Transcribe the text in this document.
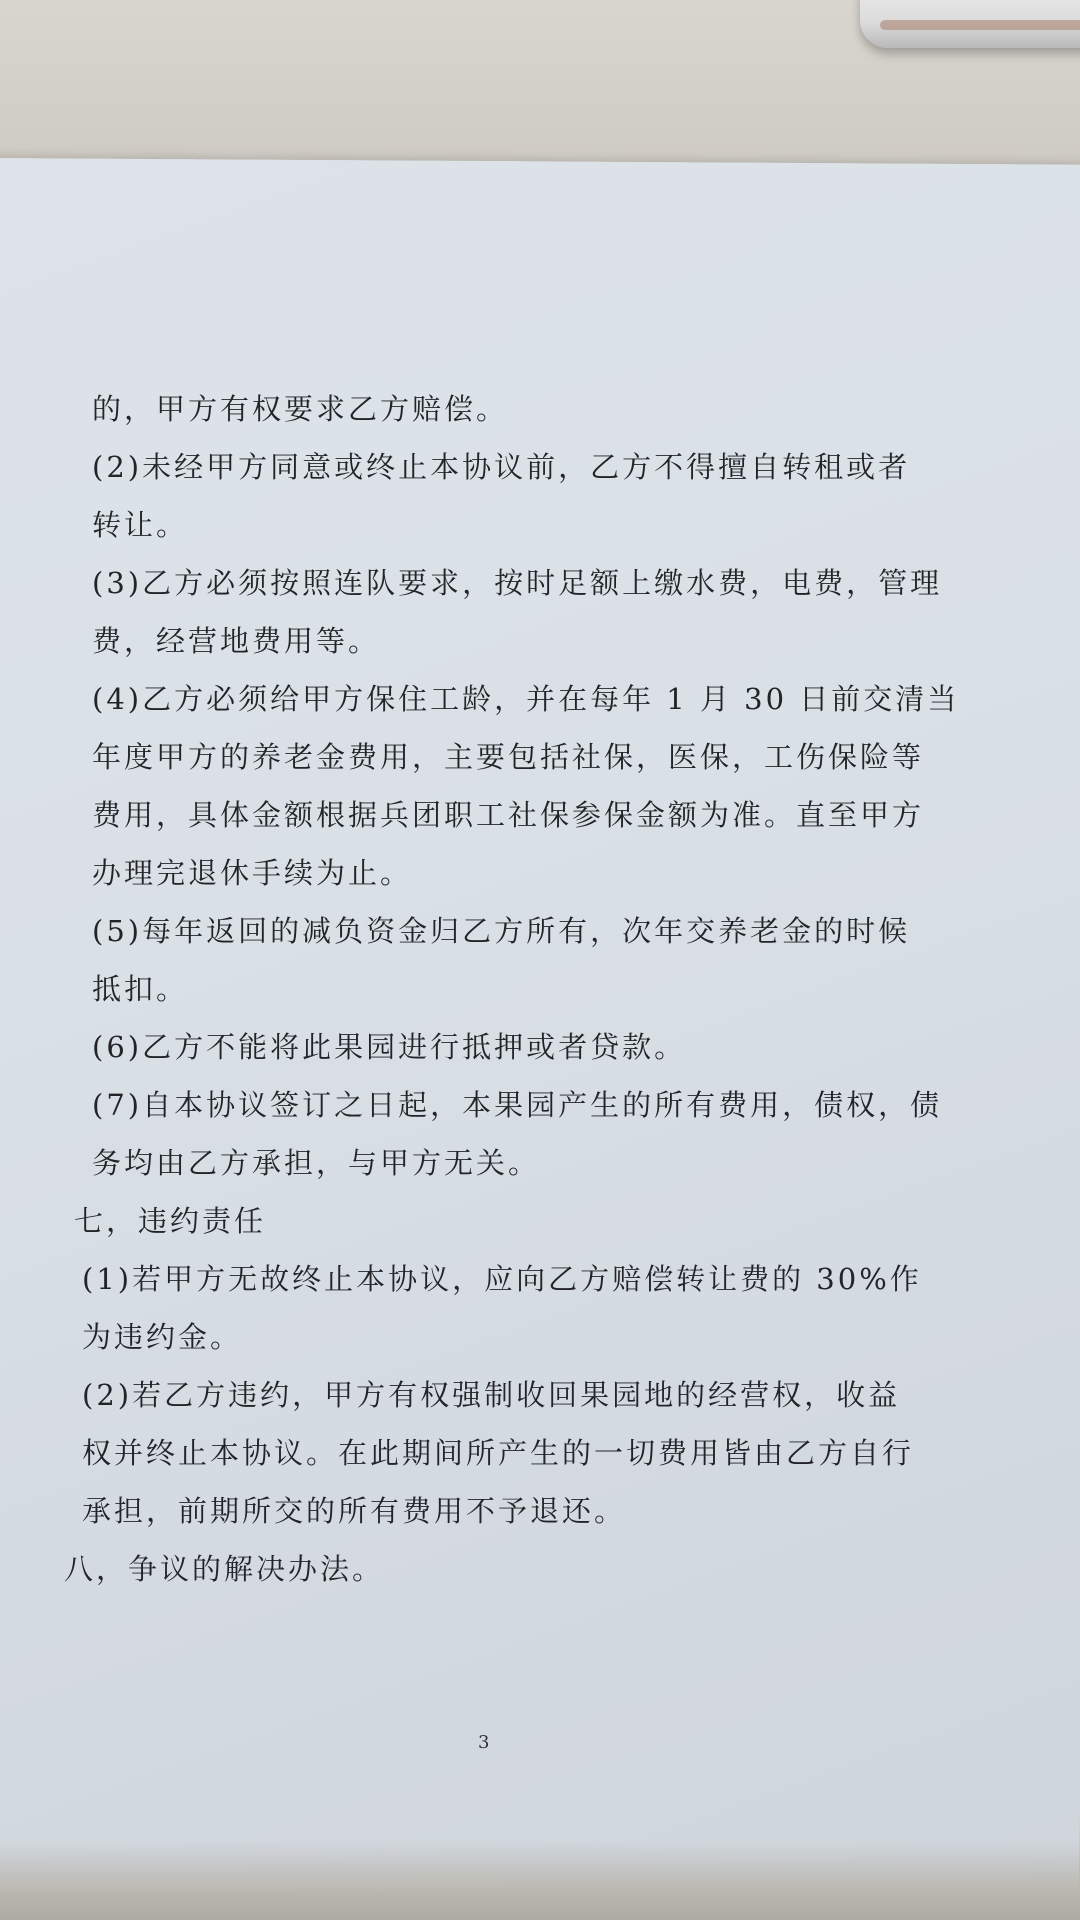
的，甲方有权要求乙方赔偿。
(2)未经甲方同意或终止本协议前，乙方不得擅自转租或者
转让。
(3)乙方必须按照连队要求，按时足额上缴水费，电费，管理
费，经营地费用等。
(4)乙方必须给甲方保住工龄，并在每年 1 月 30 日前交清当
年度甲方的养老金费用，主要包括社保，医保，工伤保险等
费用，具体金额根据兵团职工社保参保金额为准。直至甲方
办理完退休手续为止。
(5)每年返回的减负资金归乙方所有，次年交养老金的时候
抵扣。
(6)乙方不能将此果园进行抵押或者贷款。
(7)自本协议签订之日起，本果园产生的所有费用，债权，债
务均由乙方承担，与甲方无关。
七，违约责任
(1)若甲方无故终止本协议，应向乙方赔偿转让费的 30%作
为违约金。
(2)若乙方违约，甲方有权强制收回果园地的经营权，收益
权并终止本协议。在此期间所产生的一切费用皆由乙方自行
承担，前期所交的所有费用不予退还。
八，争议的解决办法。
3
